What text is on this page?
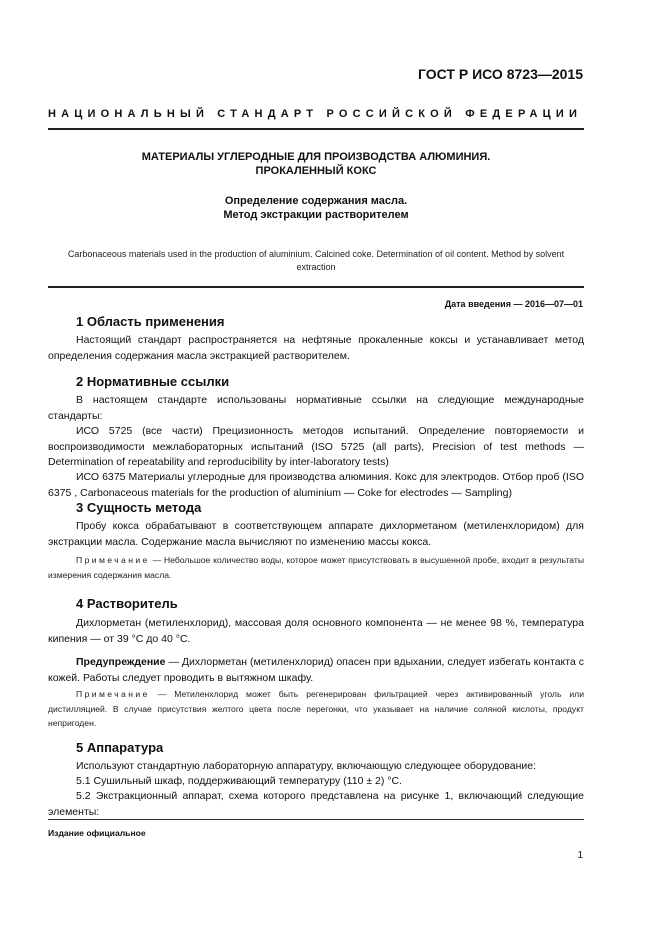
ГОСТ Р ИСО 8723—2015
НАЦИОНАЛЬНЫЙ СТАНДАРТ РОССИЙСКОЙ ФЕДЕРАЦИИ
МАТЕРИАЛЫ УГЛЕРОДНЫЕ ДЛЯ ПРОИЗВОДСТВА АЛЮМИНИЯ.
ПРОКАЛЕННЫЙ КОКС
Определение содержания масла.
Метод экстракции растворителем
Carbonaceous materials used in the production of aluminium. Calcined coke. Determination of oil content. Method by solvent extraction
Дата введения — 2016—07—01
1 Область применения
Настоящий стандарт распространяется на нефтяные прокаленные коксы и устанавливает метод определения содержания масла экстракцией растворителем.
2 Нормативные ссылки
В настоящем стандарте использованы нормативные ссылки на следующие международные стандарты:
ИСО 5725 (все части) Прецизионность методов испытаний. Определение повторяемости и воспроизводимости межлабораторных испытаний (ISO 5725 (all parts), Precision of test methods — Determination of repeatability and reproducibility by inter-laboratory tests)
ИСО 6375 Материалы углеродные для производства алюминия. Кокс для электродов. Отбор проб (ISO 6375 , Carbonaceous materials for the production of aluminium — Coke for electrodes — Sampling)
3 Сущность метода
Пробу кокса обрабатывают в соответствующем аппарате дихлорметаном (метиленхлоридом) для экстракции масла. Содержание масла вычисляют по изменению массы кокса.
Примечание — Небольшое количество воды, которое может присутствовать в высушенной пробе, входит в результаты измерения содержания масла.
4 Растворитель
Дихлорметан (метиленхлорид), массовая доля основного компонента — не менее 98 %, температура кипения — от 39 °С до 40 °С.
Предупреждение — Дихлорметан (метиленхлорид) опасен при вдыхании, следует избегать контакта с кожей. Работы следует проводить в вытяжном шкафу.
Примечание — Метиленхлорид может быть регенерирован фильтрацией через активированный уголь или дистилляцией. В случае присутствия желтого цвета после перегонки, что указывает на наличие соляной кислоты, продукт непригоден.
5 Аппаратура
Используют стандартную лабораторную аппаратуру, включающую следующее оборудование:
5.1 Сушильный шкаф, поддерживающий температуру (110 ± 2) °С.
5.2 Экстракционный аппарат, схема которого представлена на рисунке 1, включающий следующие элементы:
Издание официальное
1
